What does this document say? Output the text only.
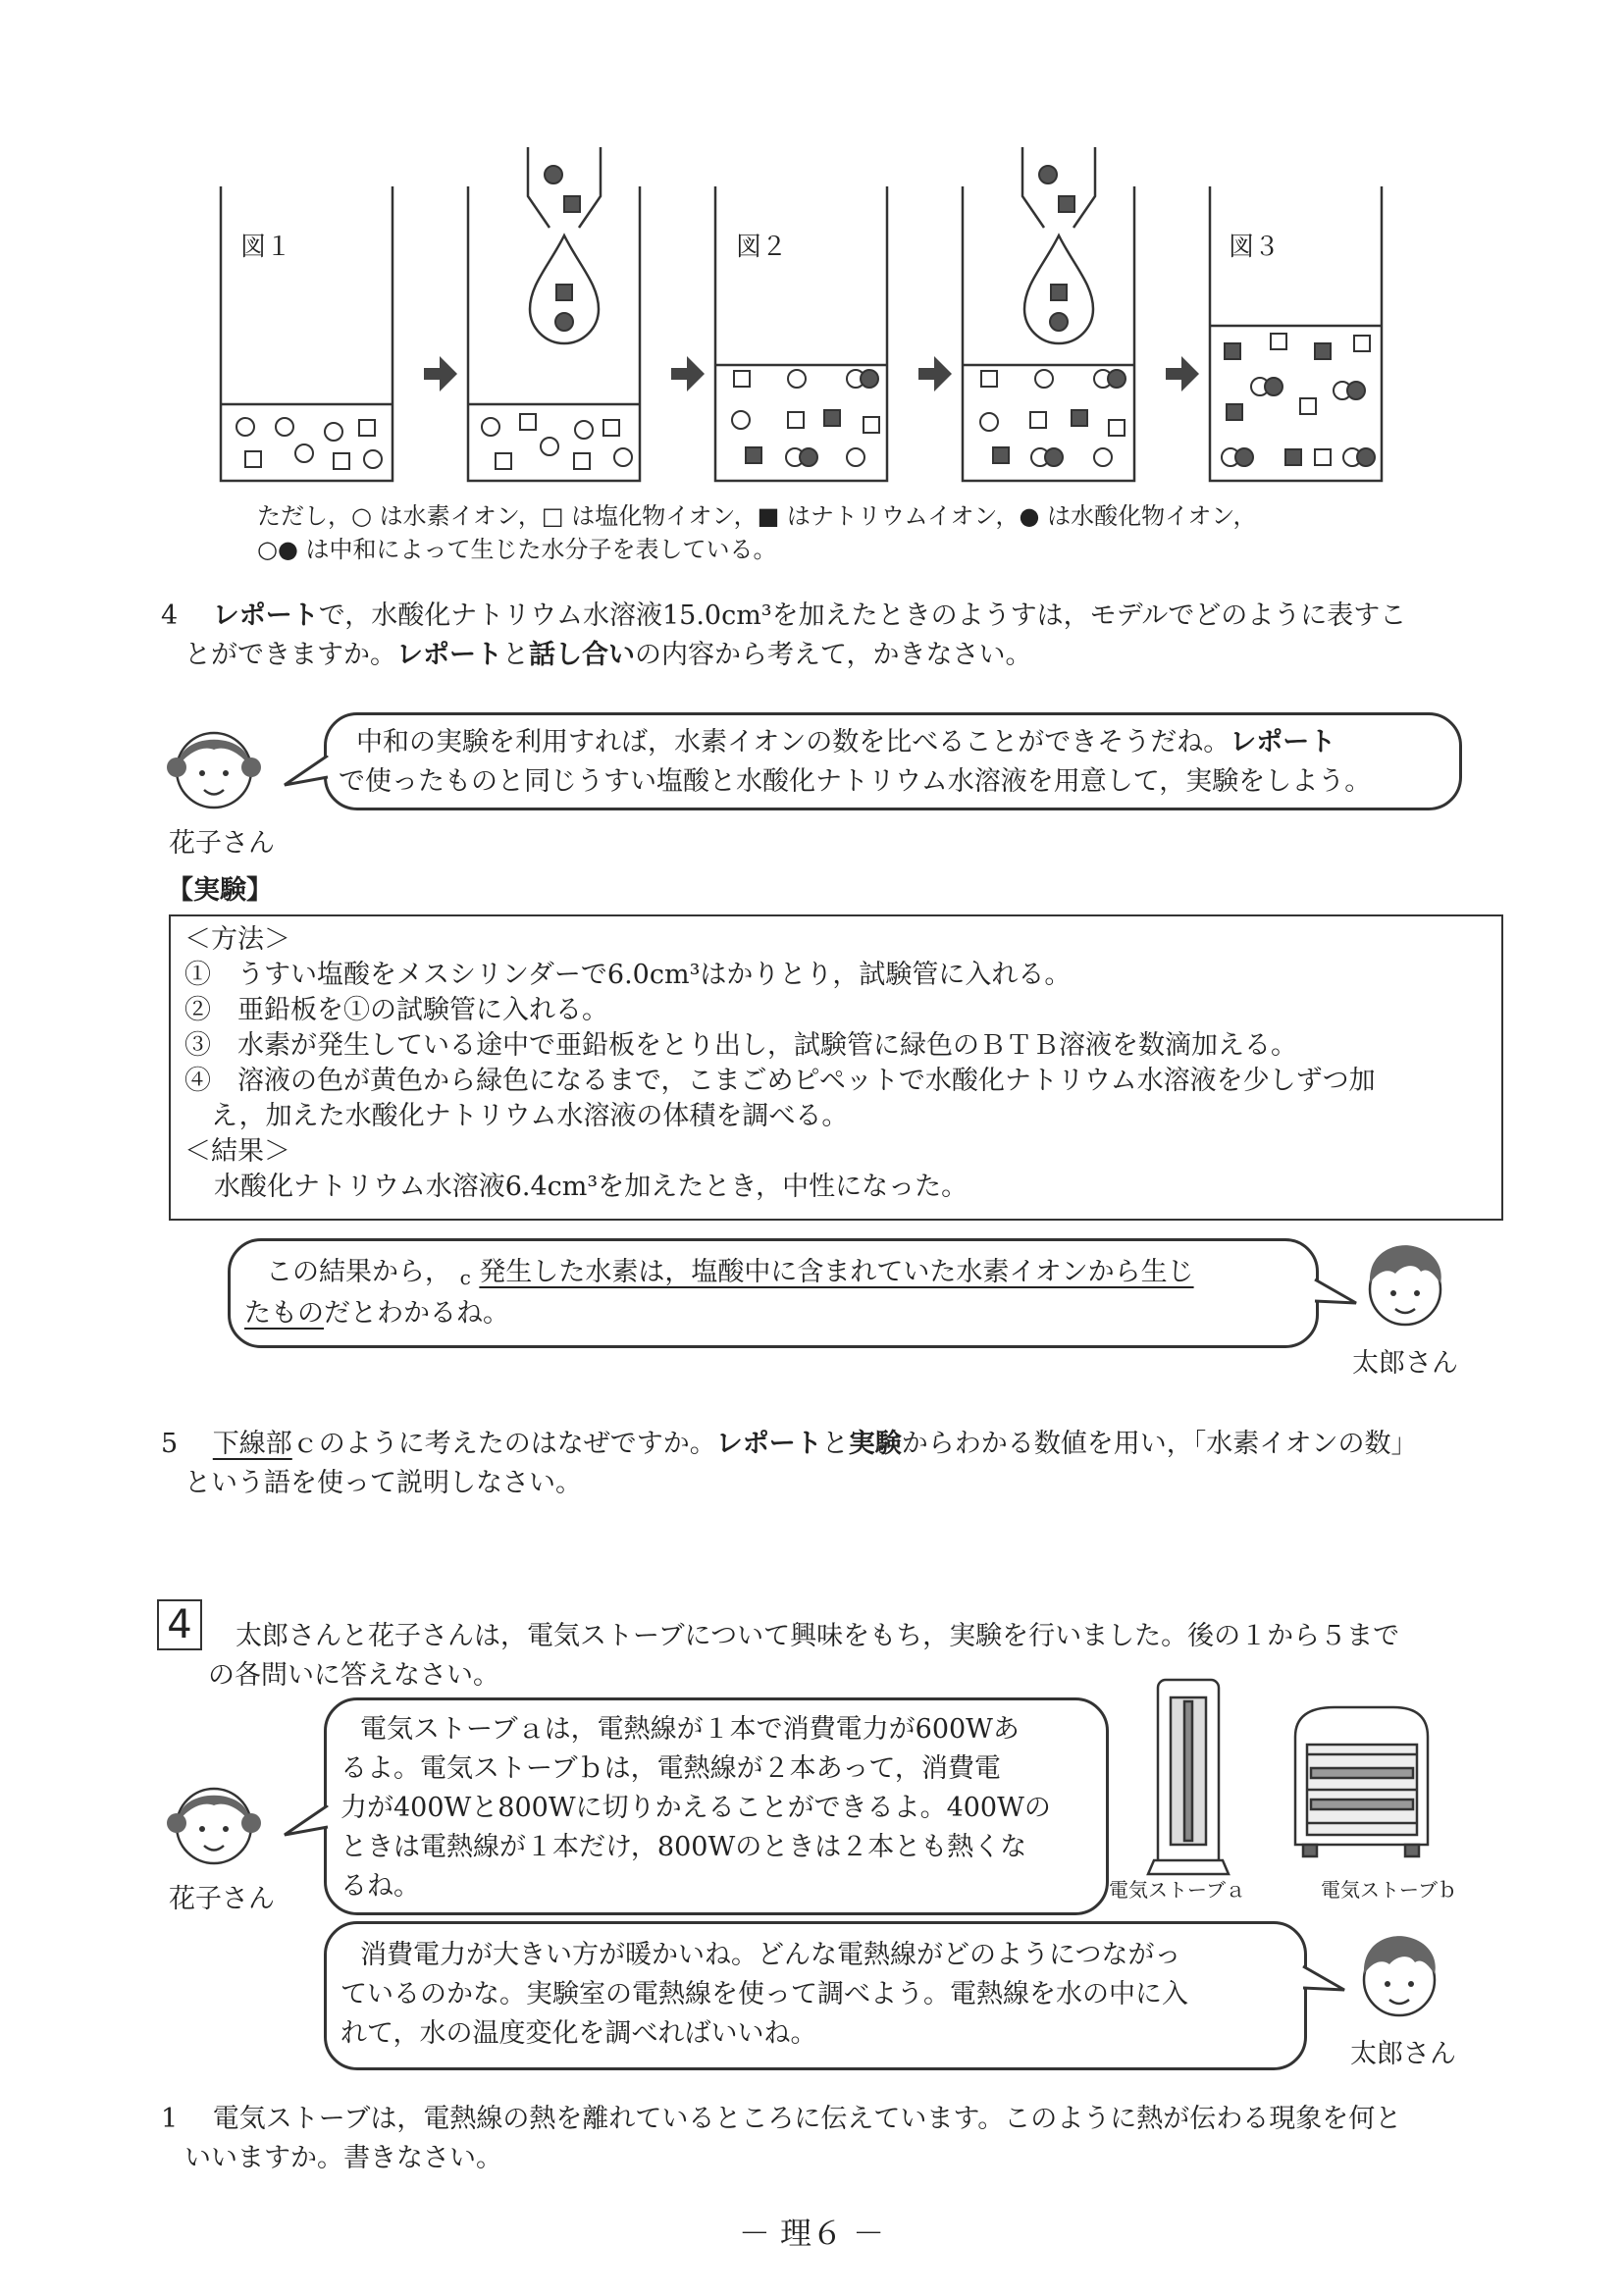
図１	図２	図３
ただし，○ は水素イオン，□ は塩化物イオン，■ はナトリウムイオン，● は水酸化物イオン，
○● は中和によって生じた水分子を表している。
4　 レポートで，水酸化ナトリウム水溶液15.0cm³を加えたときのようすは，モデルでどのように表すこ
とができますか。レポートと話し合いの内容から考えて，かきなさい。
花子さん
中和の実験を利用すれば，水素イオンの数を比べることができそうだね。レポート
で使ったものと同じうすい塩酸と水酸化ナトリウム水溶液を用意して，実験をしよう。
【実験】
＜方法＞
①　うすい塩酸をメスシリンダーで6.0cm³はかりとり，試験管に入れる。
②　亜鉛板を①の試験管に入れる。
③　水素が発生している途中で亜鉛板をとり出し，試験管に緑色のＢＴＢ溶液を数滴加える。
④　溶液の色が黄色から緑色になるまで，こまごめピペットで水酸化ナトリウム水溶液を少しずつ加
　え，加えた水酸化ナトリウム水溶液の体積を調べる。
＜結果＞
水酸化ナトリウム水溶液6.4cm³を加えたとき，中性になった。
この結果から， c 発生した水素は，塩酸中に含まれていた水素イオンから生じ
たものだとわかるね。
太郎さん
5　 下線部ｃのように考えたのはなぜですか。レポートと実験からわかる数値を用い，「水素イオンの数」
という語を使って説明しなさい。
4	太郎さんと花子さんは，電気ストーブについて興味をもち，実験を行いました。後の１から５まで
の各問いに答えなさい。
花子さん
電気ストーブａは，電熱線が１本で消費電力が600Wあ
るよ。電気ストーブｂは，電熱線が２本あって，消費電
力が400Wと800Wに切りかえることができるよ。400Wの
ときは電熱線が１本だけ，800Wのときは２本とも熱くな
るね。	電気ストーブａ	電気ストーブｂ
消費電力が大きい方が暖かいね。どんな電熱線がどのようにつながっ
ているのかな。実験室の電熱線を使って調べよう。電熱線を水の中に入
れて，水の温度変化を調べればいいね。
太郎さん
1　 電気ストーブは，電熱線の熱を離れているところに伝えています。このように熱が伝わる現象を何と
いいますか。書きなさい。
－ 理６ －
